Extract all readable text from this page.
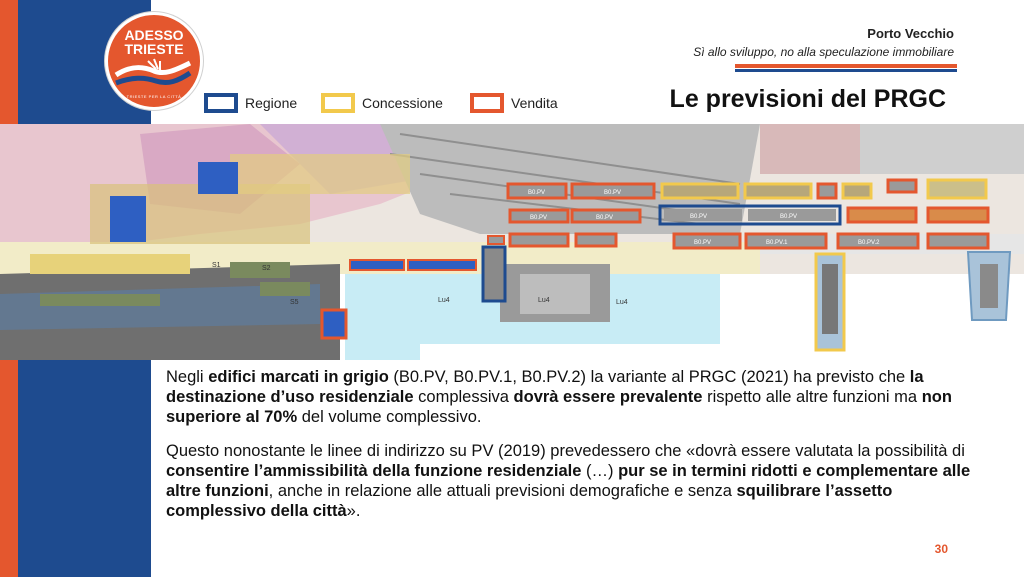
ADESSO
TRIESTE
TRIESTE PER LA CITTÀ
Porto Vecchio
Sì allo sviluppo, no alla speculazione immobiliare
Regione	Concessione	Vendita	Le previsioni del PRGC
Lu4	Lu4	Lu4
S1	S2
S5
B0.PV	B0.PV
B0.PV	B0.PV	B0.PV	B0.PV
B0.PV	B0.PV.1	B0.PV.2

Negli edifici marcati in grigio (B0.PV, B0.PV.1, B0.PV.2) la variante al PRGC (2021) ha previsto che la destinazione d’uso residenziale complessiva dovrà essere prevalente rispetto alle altre funzioni ma non superiore al 70% del volume complessivo.

Questo nonostante le linee di indirizzo su PV (2019) prevedessero che «dovrà essere valutata la possibilità di consentire l’ammissibilità della funzione residenziale (…) pur se in termini ridotti e complementare alle altre funzioni, anche in relazione alle attuali previsioni demografiche e senza squilibrare l’assetto complessivo della città».

30
